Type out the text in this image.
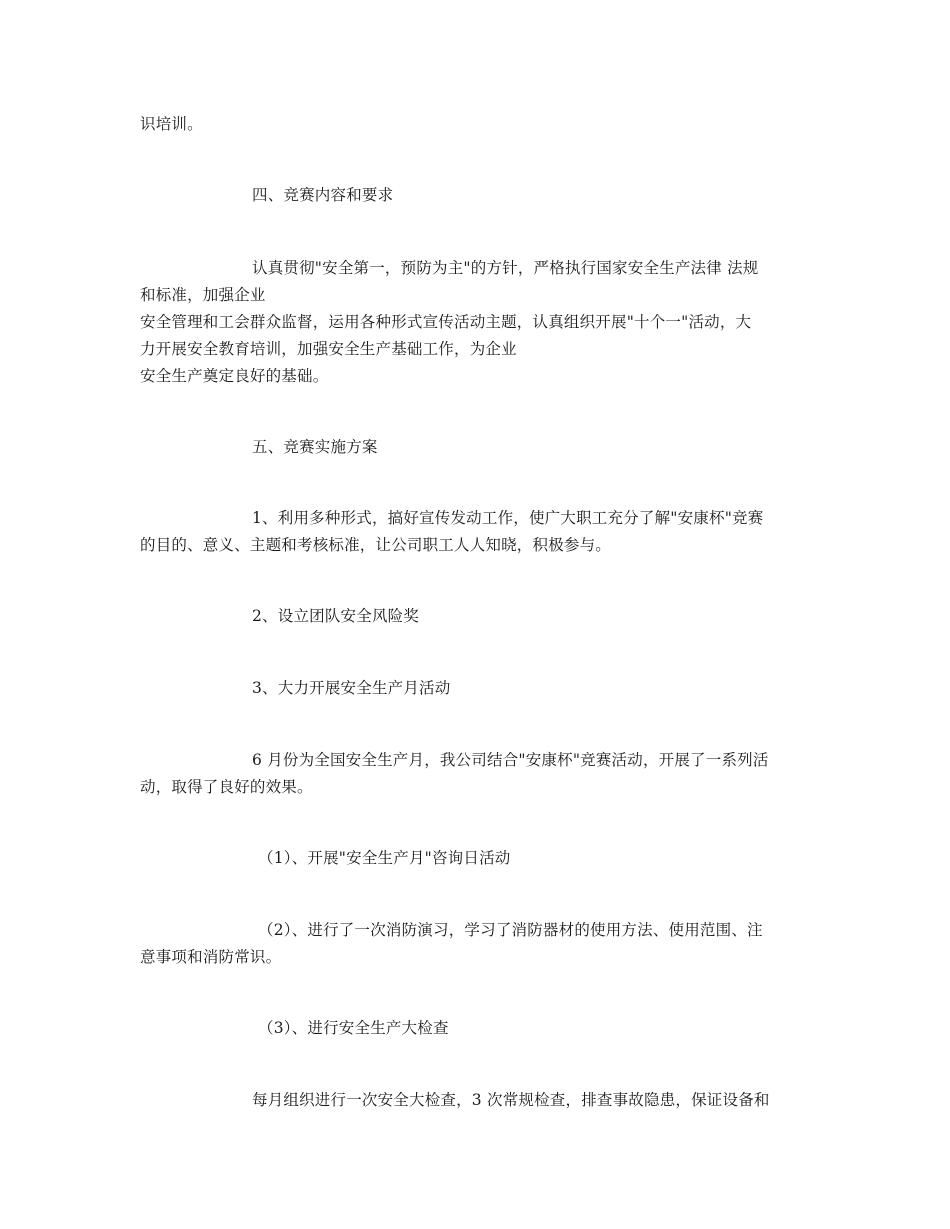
识培训。
四、竞赛内容和要求
认真贯彻"安全第一，预防为主"的方针，严格执行国家安全生产法律 法规
和标准，加强企业
安全管理和工会群众监督，运用各种形式宣传活动主题，认真组织开展"十个一"活动，大
力开展安全教育培训，加强安全生产基础工作，为企业
安全生产奠定良好的基础。
五、竞赛实施方案
1、利用多种形式，搞好宣传发动工作，使广大职工充分了解"安康杯"竞赛
的目的、意义、主题和考核标准，让公司职工人人知晓，积极参与。
2、设立团队安全风险奖
3、大力开展安全生产月活动
6 月份为全国安全生产月，我公司结合"安康杯"竞赛活动，开展了一系列活
动，取得了良好的效果。
（1）、开展"安全生产月"咨询日活动
（2）、进行了一次消防演习，学习了消防器材的使用方法、使用范围、注
意事项和消防常识。
（3）、进行安全生产大检查
每月组织进行一次安全大检查，3 次常规检查，排查事故隐患，保证设备和
